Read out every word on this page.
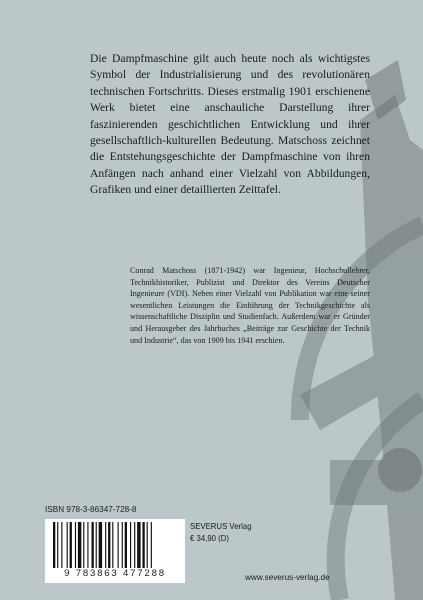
Die Dampfmaschine gilt auch heute noch als wichtigstes Symbol der Industrialisierung und des revolutionären technischen Fortschritts. Dieses erstmalig 1901 erschienene Werk bietet eine anschauliche Darstellung ihrer faszinierenden geschichtlichen Entwicklung und ihrer gesellschaftlich-kulturellen Bedeutung. Matschoss zeichnet die Entstehungsgeschichte der Dampfmaschine von ihren Anfängen nach anhand einer Vielzahl von Abbildungen, Grafiken und einer detaillierten Zeittafel.

Conrad Matschoss (1871-1942) war Ingenieur, Hochschullehrer, Technikhistoriker, Publizist und Direktor des Vereins Deutscher Ingenieure (VDI). Neben einer Vielzahl von Publikation war eine seiner wesentlichen Leistungen die Einführung der Technikgeschichte als wissenschaftliche Disziplin und Studienfach. Außerdem war er Gründer und Herausgeber des Jahrbuches „Beiträge zur Geschichte der Technik und Industrie“, das von 1909 bis 1941 erschien.

ISBN 978-3-86347-728-8
9 783863 477288
SEVERUS Verlag
€ 34,90 (D)
www.severus-verlag.de
